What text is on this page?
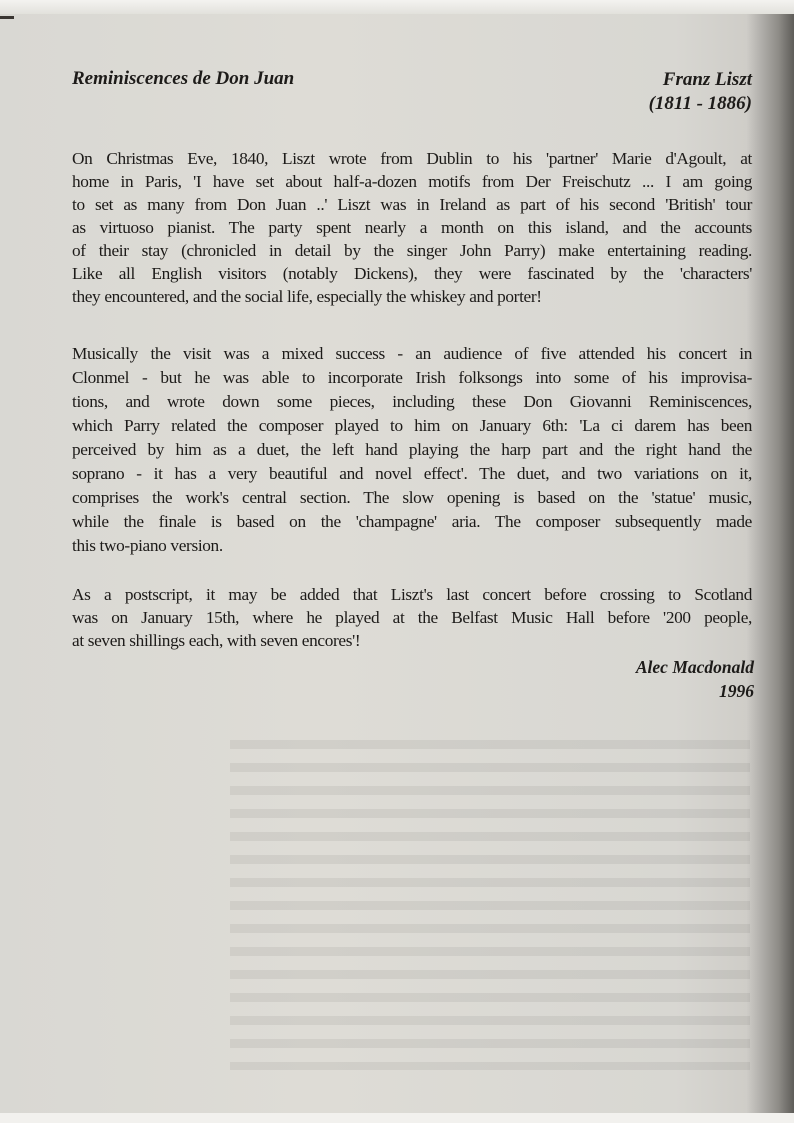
Reminiscences de Don Juan	Franz Liszt
(1811 - 1886)
On Christmas Eve, 1840, Liszt wrote from Dublin to his 'partner' Marie d'Agoult, at
home in Paris, 'I have set about half-a-dozen motifs from Der Freischutz ... I am going
to set as many from Don Juan ..' Liszt was in Ireland as part of his second 'British' tour
as virtuoso pianist. The party spent nearly a month on this island, and the accounts
of their stay (chronicled in detail by the singer John Parry) make entertaining reading.
Like all English visitors (notably Dickens), they were fascinated by the 'characters'
they encountered, and the social life, especially the whiskey and porter!
Musically the visit was a mixed success - an audience of five attended his concert in
Clonmel - but he was able to incorporate Irish folksongs into some of his improvisa-
tions, and wrote down some pieces, including these Don Giovanni Reminiscences,
which Parry related the composer played to him on January 6th: 'La ci darem has been
perceived by him as a duet, the left hand playing the harp part and the right hand the
soprano - it has a very beautiful and novel effect'. The duet, and two variations on it,
comprises the work's central section. The slow opening is based on the 'statue' music,
while the finale is based on the 'champagne' aria. The composer subsequently made
this two-piano version.
As a postscript, it may be added that Liszt's last concert before crossing to Scotland
was on January 15th, where he played at the Belfast Music Hall before '200 people,
at seven shillings each, with seven encores'!
Alec Macdonald
1996
